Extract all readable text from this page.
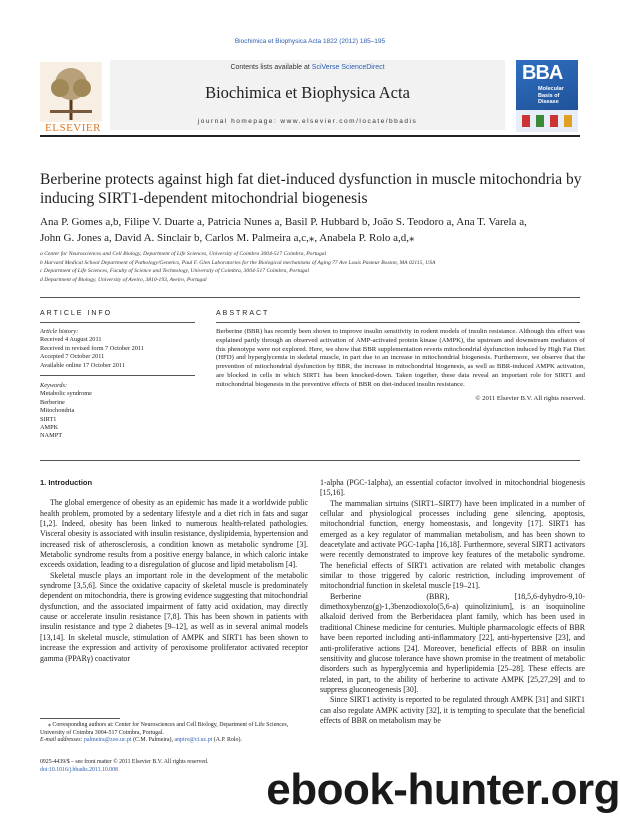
Biochimica et Biophysica Acta 1822 (2012) 185–195
ELSEVIER
Contents lists available at SciVerse ScienceDirect
Biochimica et Biophysica Acta
journal homepage: www.elsevier.com/locate/bbadis
BBA
Molecular
Basis of
Disease
Berberine protects against high fat diet-induced dysfunction in muscle mitochondria by inducing SIRT1-dependent mitochondrial biogenesis
Ana P. Gomes a,b, Filipe V. Duarte a, Patricia Nunes a, Basil P. Hubbard b, João S. Teodoro a, Ana T. Varela a,
John G. Jones a, David A. Sinclair b, Carlos M. Palmeira a,c,⁎, Anabela P. Rolo a,d,⁎
a Center for Neurosciences and Cell Biology, Department of Life Sciences, University of Coimbra 3004-517 Coimbra, Portugal
b Harvard Medical School Department of Pathology/Genetics, Paul F. Glen Laboratories for the Biological mechanisms of Aging 77 Ave Louis Pasteur Boston, MA 02115, USA
c Department of Life Sciences, Faculty of Science and Technology, University of Coimbra, 3004-517 Coimbra, Portugal
d Department of Biology, University of Aveiro, 3810-193, Aveiro, Portugal
ARTICLE INFO	ABSTRACT
Article history:
Received 4 August 2011
Received in revised form 7 October 2011
Accepted 7 October 2011
Available online 17 October 2011
Keywords:
Metabolic syndrome
Berberine
Mitochondria
SIRT1
AMPK
NAMPT
Berberine (BBR) has recently been shown to improve insulin sensitivity in rodent models of insulin resistance. Although this effect was explained partly through an observed activation of AMP-activated protein kinase (AMPK), the upstream and downstream mediators of this phenotype were not explored. Here, we show that BBR supplementation reverts mitochondrial dysfunction induced by High Fat Diet (HFD) and hyperglycemia in skeletal muscle, in part due to an increase in mitochondrial biogenesis. Furthermore, we observe that the prevention of mitochondrial dysfunction by BBR, the increase in mitochondrial biogenesis, as well as BBR-induced AMPK activation, are blocked in cells in which SIRT1 has been knocked-down. Taken together, these data reveal an important role for SIRT1 and mitochondrial biogenesis in the preventive effects of BBR on diet-induced insulin resistance.
© 2011 Elsevier B.V. All rights reserved.

1. Introduction

The global emergence of obesity as an epidemic has made it a worldwide public health problem, promoted by a sedentary lifestyle and a diet rich in fats and sugar [1,2]. Indeed, obesity has been linked to numerous health-related pathologies. Visceral obesity is associated with insulin resistance, dyslipidemia, hypertension and increased risk of atherosclerosis, a condition known as metabolic syndrome [3]. Metabolic syndrome results from a positive energy balance, in which caloric intake exceeds oxidation, leading to a disregulation of glucose and lipid metabolism [4].

Skeletal muscle plays an important role in the development of the metabolic syndrome [3,5,6]. Since the oxidative capacity of skeletal muscle is predominately dependent on mitochondria, there is growing evidence suggesting that mitochondrial dysfunction, and the associated impairment of fatty acid oxidation, may directly cause or accelerate insulin resistance [7,8]. This has been shown in patients with insulin resistance and type 2 diabetes [9–12], as well as in several animal models [13,14]. In skeletal muscle, stimulation of AMPK and SIRT1 has been shown to increase the expression and activity of peroxisome proliferator activated receptor gamma (PPARγ) coactivator

1-alpha (PGC-1alpha), an essential cofactor involved in mitochondrial biogenesis [15,16].

The mammalian sirtuins (SIRT1–SIRT7) have been implicated in a number of cellular and physiological processes including gene silencing, apoptosis, mitochondrial function, energy homeostasis, and longevity [17]. SIRT1 has emerged as a key regulator of mammalian metabolism, and has been shown to deacetylate and activate PGC-1apha [16,18]. Furthermore, several SIRT1 activators were recently demonstrated to improve key features of the metabolic syndrome. The beneficial effects of SIRT1 activation are related with metabolic changes similar to those triggered by caloric restriction, including improvement of mitochondrial function in skeletal muscle [19–21].

Berberine (BBR), [18,5,6-dyhydro-9,10-dimethoxybenzo(g)-1,3benzodioxolo(5,6-a) quinolizinium], is an isoquinoline alkaloid derived from the Berberidacea plant family, which has been used in traditional Chinese medicine for centuries. Multiple pharmacologic effects of BBR have been reported including anti-inflammatory [22], anti-hypertensive [23], and anti-proliferative actions [24]. Moreover, beneficial effects of BBR on insulin sensitivity and glucose tolerance have shown promise in the treatment of metabolic disorders such as hyperglycemia and hyperlipidemia [25–28]. These effects are related, in part, to the ability of berberine to activate AMPK [25,27,29] and to suppress gluconeogenesis [30].

Since SIRT1 activity is reported to be regulated through AMPK [31] and SIRT1 can also regulate AMPK activity [32], it is tempting to speculate that the beneficial effects of BBR on metabolism may be

⁎ Corresponding authors at: Center for Neurosciences and Cell Biology, Department of Life Sciences, University of Coimbra 3004-517 Coimbra, Portugal.
E-mail addresses: palmeira@zoo.uc.pt (C.M. Palmeira), anpiro@ci.uc.pt (A.P. Rolo).
0925-4439/$ – see front matter © 2011 Elsevier B.V. All rights reserved.
doi:10.1016/j.bbadis.2011.10.008	ebook-hunter.org
